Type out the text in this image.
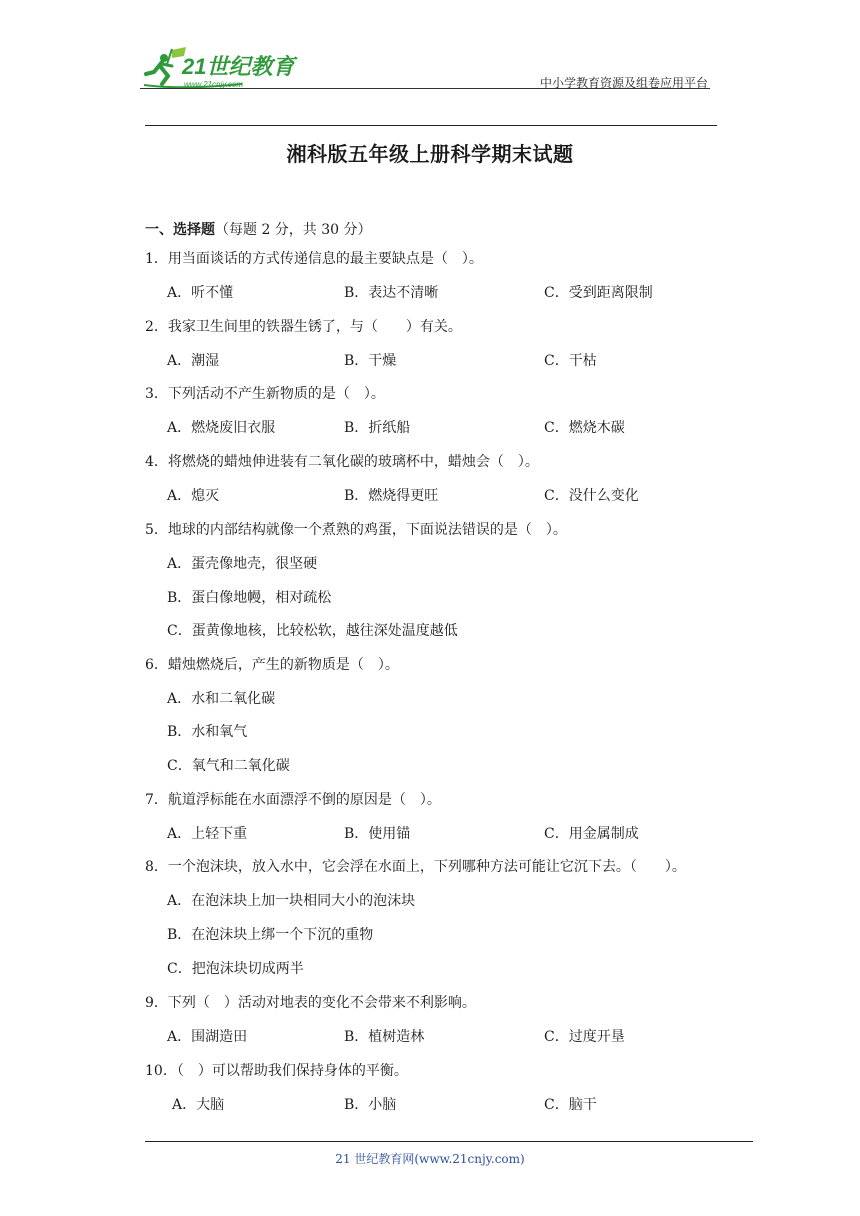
21世纪教育
www.21cnjy.com	中小学教育资源及组卷应用平台
湘科版五年级上册科学期末试题
一、选择题（每题 2 分，共 30 分）
1．用当面谈话的方式传递信息的最主要缺点是（　）。
A．听不懂	B．表达不清晰	C．受到距离限制
2．我家卫生间里的铁器生锈了，与（　　）有关。
A．潮湿	B．干燥	C．干枯
3．下列活动不产生新物质的是（　）。
A．燃烧废旧衣服	B．折纸船	C．燃烧木碳
4．将燃烧的蜡烛伸进装有二氧化碳的玻璃杯中，蜡烛会（　）。
A．熄灭	B．燃烧得更旺	C．没什么变化
5．地球的内部结构就像一个煮熟的鸡蛋，下面说法错误的是（　）。
A．蛋壳像地壳，很坚硬
B．蛋白像地幔，相对疏松
C．蛋黄像地核，比较松软，越往深处温度越低
6．蜡烛燃烧后，产生的新物质是（　）。
A．水和二氧化碳
B．水和氧气
C．氧气和二氧化碳
7．航道浮标能在水面漂浮不倒的原因是（　）。
A．上轻下重	B．使用锚	C．用金属制成
8．一个泡沫块，放入水中，它会浮在水面上，下列哪种方法可能让它沉下去。（　　）。
A．在泡沫块上加一块相同大小的泡沫块
B．在泡沫块上绑一个下沉的重物
C．把泡沫块切成两半
9．下列（　）活动对地表的变化不会带来不利影响。
A．围湖造田	B．植树造林	C．过度开垦
10．（　）可以帮助我们保持身体的平衡。
A．大脑	B．小脑	C．脑干
21 世纪教育网(www.21cnjy.com)
